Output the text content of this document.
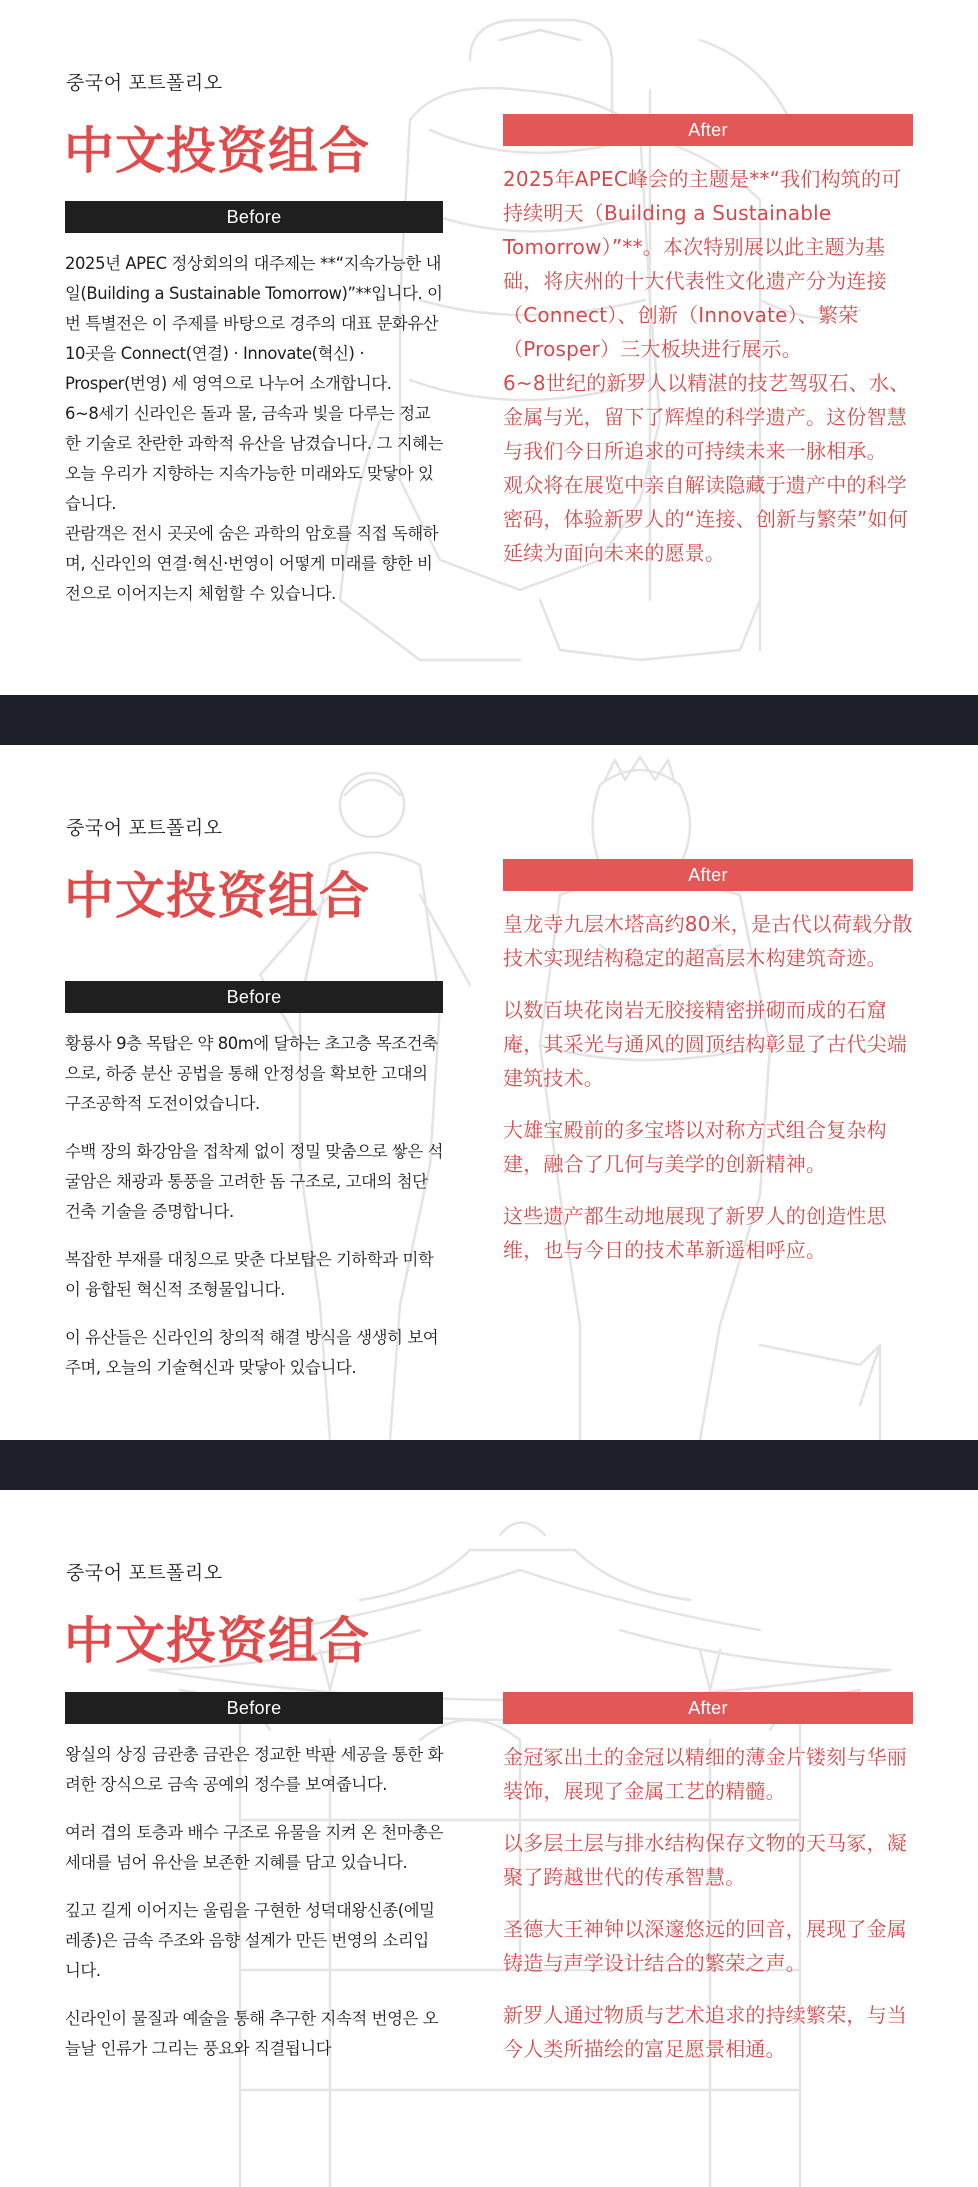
중국어 포트폴리오
中文投资组合
Before
After

2025년 APEC 정상회의의 대주제는 **“지속가능한 내일(Building a Sustainable Tomorrow)”**입니다. 이번 특별전은 이 주제를 바탕으로 경주의 대표 문화유산 10곳을 Connect(연결) · Innovate(혁신) · Prosper(번영) 세 영역으로 나누어 소개합니다.

6~8세기 신라인은 돌과 물, 금속과 빛을 다루는 정교한 기술로 찬란한 과학적 유산을 남겼습니다. 그 지혜는 오늘 우리가 지향하는 지속가능한 미래와도 맞닿아 있습니다.

관람객은 전시 곳곳에 숨은 과학의 암호를 직접 독해하며, 신라인의 연결·혁신·번영이 어떻게 미래를 향한 비전으로 이어지는지 체험할 수 있습니다.

2025年APEC峰会的主题是**“我们构筑的可持续明天（Building a Sustainable Tomorrow）”**。本次特别展以此主题为基础，将庆州的十大代表性文化遗产分为连接（Connect）、创新（Innovate）、繁荣（Prosper）三大板块进行展示。

6~8世纪的新罗人以精湛的技艺驾驭石、水、金属与光，留下了辉煌的科学遗产。这份智慧与我们今日所追求的可持续未来一脉相承。

观众将在展览中亲自解读隐藏于遗产中的科学密码，体验新罗人的“连接、创新与繁荣”如何延续为面向未来的愿景。

중국어 포트폴리오
中文投资组合
Before
After

황룡사 9층 목탑은 약 80m에 달하는 초고층 목조건축으로, 하중 분산 공법을 통해 안정성을 확보한 고대의 구조공학적 도전이었습니다.

수백 장의 화강암을 접착제 없이 정밀 맞춤으로 쌓은 석굴암은 채광과 통풍을 고려한 돔 구조로, 고대의 첨단 건축 기술을 증명합니다.

복잡한 부재를 대칭으로 맞춘 다보탑은 기하학과 미학이 융합된 혁신적 조형물입니다.

이 유산들은 신라인의 창의적 해결 방식을 생생히 보여 주며, 오늘의 기술혁신과 맞닿아 있습니다.

皇龙寺九层木塔高约80米，是古代以荷载分散技术实现结构稳定的超高层木构建筑奇迹。

以数百块花岗岩无胶接精密拼砌而成的石窟庵，其采光与通风的圆顶结构彰显了古代尖端建筑技术。

大雄宝殿前的多宝塔以对称方式组合复杂构建，融合了几何与美学的创新精神。

这些遗产都生动地展现了新罗人的创造性思维，也与今日的技术革新遥相呼应。

중국어 포트폴리오
中文投资组合
Before	After

왕실의 상징 금관총 금관은 정교한 박판 세공을 통한 화려한 장식으로 금속 공예의 정수를 보여줍니다.

여러 겹의 토층과 배수 구조로 유물을 지켜 온 천마총은 세대를 넘어 유산을 보존한 지혜를 담고 있습니다.

깊고 길게 이어지는 울림을 구현한 성덕대왕신종(에밀레종)은 금속 주조와 음향 설계가 만든 번영의 소리입니다.

신라인이 물질과 예술을 통해 추구한 지속적 번영은 오늘날 인류가 그리는 풍요와 직결됩니다

金冠冢出土的金冠以精细的薄金片镂刻与华丽装饰，展现了金属工艺的精髓。

以多层土层与排水结构保存文物的天马冢，凝聚了跨越世代的传承智慧。

圣德大王神钟以深邃悠远的回音，展现了金属铸造与声学设计结合的繁荣之声。

新罗人通过物质与艺术追求的持续繁荣，与当今人类所描绘的富足愿景相通。
